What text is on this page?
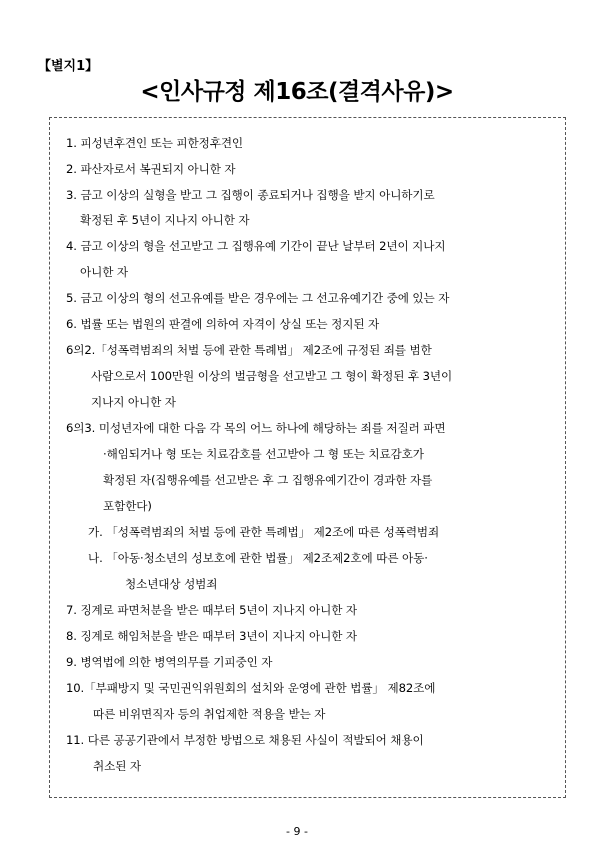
【별지1】
<인사규정 제16조(결격사유)>
1. 피성년후견인 또는 피한정후견인
2. 파산자로서 복권되지 아니한 자
3. 금고 이상의 실형을 받고 그 집행이 종료되거나 집행을 받지 아니하기로
확정된 후 5년이 지나지 아니한 자
4. 금고 이상의 형을 선고받고 그 집행유예 기간이 끝난 날부터 2년이 지나지
아니한 자
5. 금고 이상의 형의 선고유예를 받은 경우에는 그 선고유예기간 중에 있는 자
6. 법률 또는 법원의 판결에 의하여 자격이 상실 또는 정지된 자
6의2.「성폭력범죄의 처벌 등에 관한 특례법」 제2조에 규정된 죄를 범한
사람으로서 100만원 이상의 벌금형을 선고받고 그 형이 확정된 후 3년이
지나지 아니한 자
6의3. 미성년자에 대한 다음 각 목의 어느 하나에 해당하는 죄를 저질러 파면
·해임되거나 형 또는 치료감호를 선고받아 그 형 또는 치료감호가
확정된 자(집행유예를 선고받은 후 그 집행유예기간이 경과한 자를
포함한다)
가. 「성폭력범죄의 처벌 등에 관한 특례법」 제2조에 따른 성폭력범죄
나. 「아동·청소년의 성보호에 관한 법률」 제2조제2호에 따른 아동·
청소년대상 성범죄
7. 징계로 파면처분을 받은 때부터 5년이 지나지 아니한 자
8. 징계로 해임처분을 받은 때부터 3년이 지나지 아니한 자
9. 병역법에 의한 병역의무를 기피중인 자
10.「부패방지 및 국민권익위원회의 설치와 운영에 관한 법률」 제82조에
따른 비위면직자 등의 취업제한 적용을 받는 자
11. 다른 공공기관에서 부정한 방법으로 채용된 사실이 적발되어 채용이
취소된 자
- 9 -
